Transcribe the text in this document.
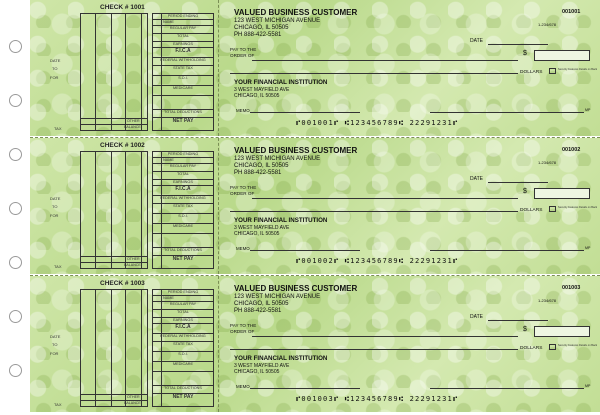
CHECK # 1001
DATE
TO
FOR
TAX
OTHER
BALANCE
PERIOD ENDING
NAME
REGULAR PAY
TOTAL
EARNINGS
F.I.C.A
FEDERAL WITHHOLDING
STATE TAX
S.D.I.
MEDICARE
TOTAL DEDUCTIONS
NET PAY
VALUED BUSINESS CUSTOMER
123 WEST MICHIGAN AVENUE
CHICAGO, IL 50505
PH 888-422-5581
001001
1-234/678
DATE
PAY TO THE
ORDER OF	$
DOLLARS
Security Features Details on Back
YOUR FINANCIAL INSTITUTION
3 WEST MAYFIELD AVE
CHICAGO, IL 50505
MEMO	MP
⑈001001⑈ ⑆123456789⑆ 22291231⑈
CHECK # 1002
DATE
TO
FOR
TAX
OTHER
BALANCE
PERIOD ENDING
NAME
REGULAR PAY
TOTAL
EARNINGS
F.I.C.A
FEDERAL WITHHOLDING
STATE TAX
S.D.I.
MEDICARE
TOTAL DEDUCTIONS
NET PAY
VALUED BUSINESS CUSTOMER
123 WEST MICHIGAN AVENUE
CHICAGO, IL 50505
PH 888-422-5581
001002
1-234/678
DATE
PAY TO THE
ORDER OF	$
DOLLARS
Security Features Details on Back
YOUR FINANCIAL INSTITUTION
3 WEST MAYFIELD AVE
CHICAGO, IL 50505
MEMO	MP
⑈001002⑈ ⑆123456789⑆ 22291231⑈
CHECK # 1003
DATE
TO
FOR
TAX
OTHER
BALANCE
PERIOD ENDING
NAME
REGULAR PAY
TOTAL
EARNINGS
F.I.C.A
FEDERAL WITHHOLDING
STATE TAX
S.D.I.
MEDICARE
TOTAL DEDUCTIONS
NET PAY
VALUED BUSINESS CUSTOMER
123 WEST MICHIGAN AVENUE
CHICAGO, IL 50505
PH 888-422-5581
001003
1-234/678
DATE
PAY TO THE
ORDER OF	$
DOLLARS
Security Features Details on Back
YOUR FINANCIAL INSTITUTION
3 WEST MAYFIELD AVE
CHICAGO, IL 50505
MEMO	MP
⑈001003⑈ ⑆123456789⑆ 22291231⑈
